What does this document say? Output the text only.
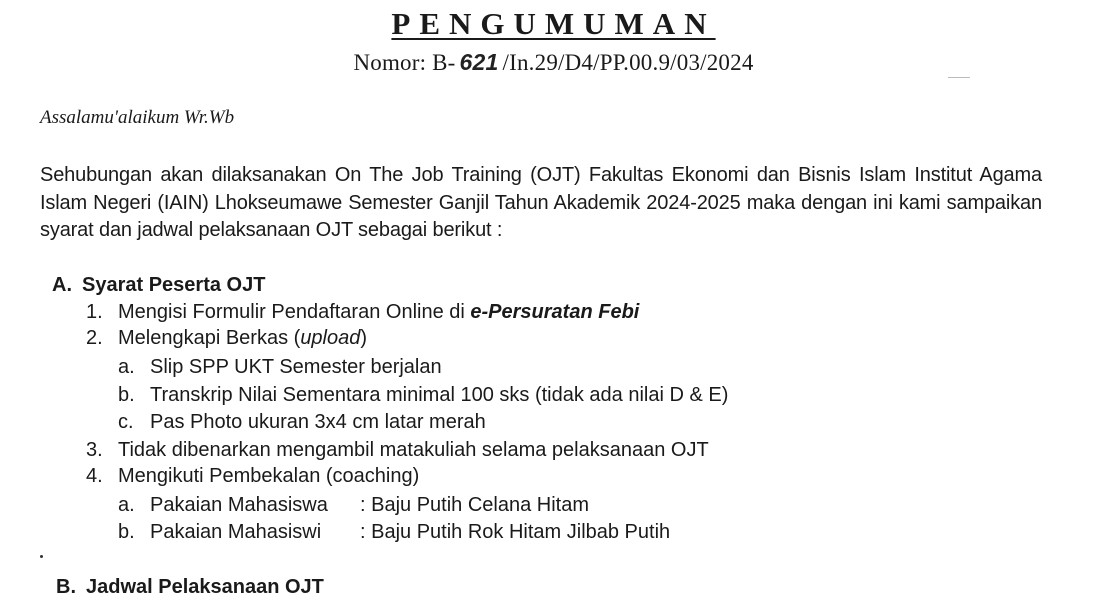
PENGUMUMAN
Nomor: B- 621 /In.29/D4/PP.00.9/03/2024
Assalamu'alaikum Wr.Wb

Sehubungan akan dilaksanakan On The Job Training (OJT) Fakultas Ekonomi dan Bisnis Islam Institut Agama Islam Negeri (IAIN) Lhokseumawe Semester Ganjil Tahun Akademik 2024-2025 maka dengan ini kami sampaikan syarat dan jadwal pelaksanaan OJT sebagai berikut :

A. Syarat Peserta OJT
1. Mengisi Formulir Pendaftaran Online di e-Persuratan Febi
2. Melengkapi Berkas (upload)
a. Slip SPP UKT Semester berjalan
b. Transkrip Nilai Sementara minimal 100 sks (tidak ada nilai D & E)
c. Pas Photo ukuran 3x4 cm latar merah
3. Tidak dibenarkan mengambil matakuliah selama pelaksanaan OJT
4. Mengikuti Pembekalan (coaching)
a. Pakaian Mahasiswa : Baju Putih Celana Hitam
b. Pakaian Mahasiswi : Baju Putih Rok Hitam Jilbab Putih
B. Jadwal Pelaksanaan OJT
